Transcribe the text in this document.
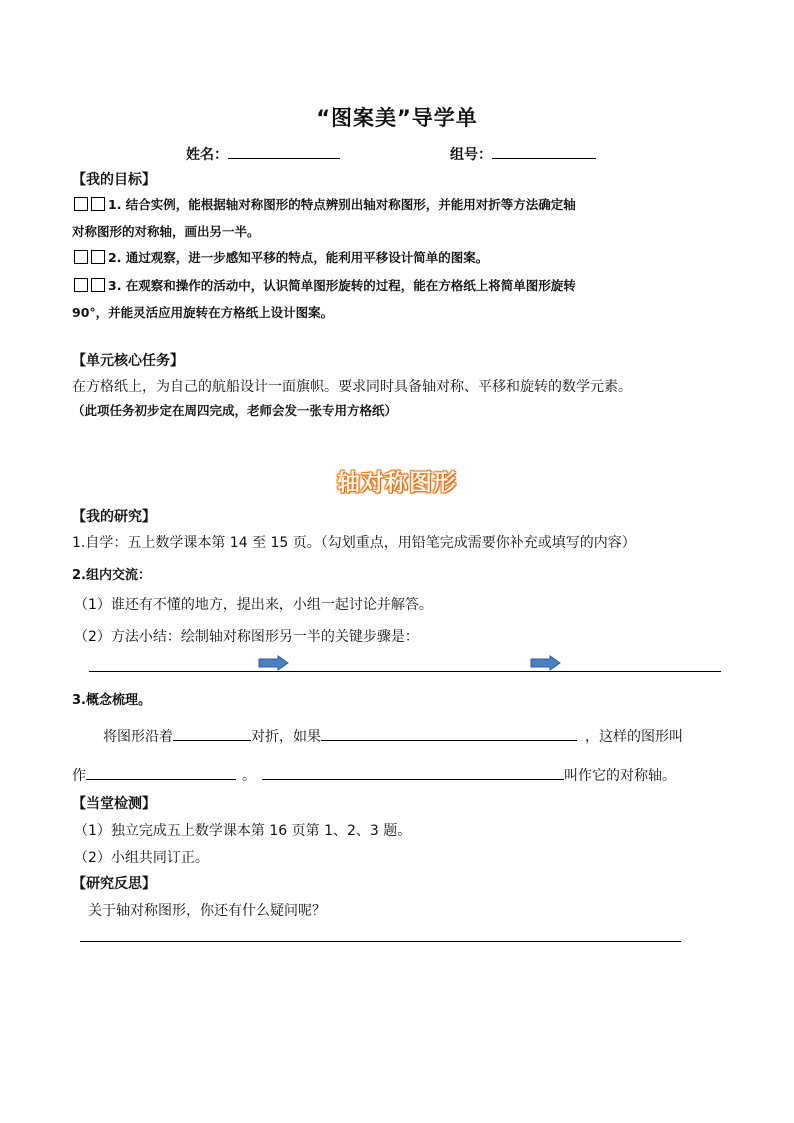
“图案美”导学单
姓名：	组号：
【我的目标】
1. 结合实例，能根据轴对称图形的特点辨别出轴对称图形，并能用对折等方法确定轴
对称图形的对称轴，画出另一半。
2. 通过观察，进一步感知平移的特点，能利用平移设计简单的图案。
3. 在观察和操作的活动中，认识简单图形旋转的过程，能在方格纸上将简单图形旋转
90°，并能灵活应用旋转在方格纸上设计图案。
【单元核心任务】
在方格纸上，为自己的航船设计一面旗帜。要求同时具备轴对称、平移和旋转的数学元素。
（此项任务初步定在周四完成，老师会发一张专用方格纸）
轴对称图形
【我的研究】
1.自学：五上数学课本第 14 至 15 页。（勾划重点，用铅笔完成需要你补充或填写的内容）
2.组内交流：
（1）谁还有不懂的地方，提出来，小组一起讨论并解答。
（2）方法小结：绘制轴对称图形另一半的关键步骤是：
3.概念梳理。
将图形沿着	对折，如果	，这样的图形叫
作	。	叫作它的对称轴。
【当堂检测】
（1）独立完成五上数学课本第 16 页第 1、2、3 题。
（2）小组共同订正。
【研究反思】
关于轴对称图形，你还有什么疑问呢？
